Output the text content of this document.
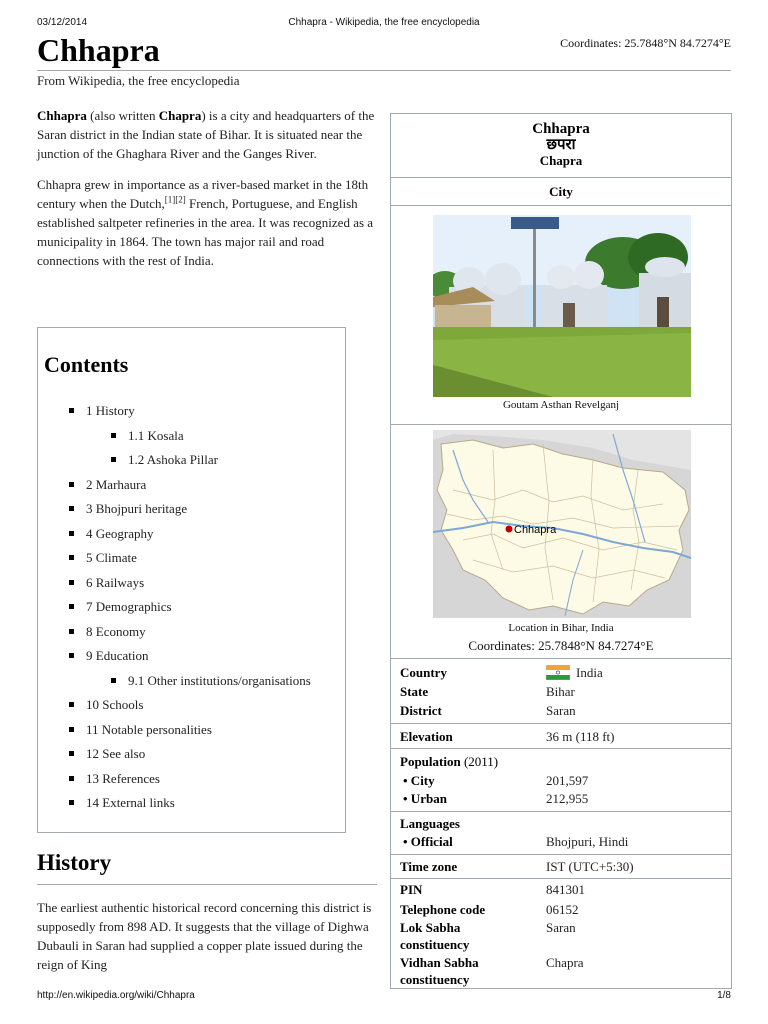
03/12/2014	Chhapra - Wikipedia, the free encyclopedia
Coordinates: 25.7848°N 84.7274°E
Chhapra
From Wikipedia, the free encyclopedia

Chhapra (also written Chapra) is a city and headquarters of the Saran district in the Indian state of Bihar. It is situated near the junction of the Ghaghara River and the Ganges River.

Chhapra grew in importance as a river-based market in the 18th century when the Dutch,[1][2] French, Portuguese, and English established saltpeter refineries in the area. It was recognized as a municipality in 1864. The town has major rail and road connections with the rest of India.

Contents
1 History
1.1 Kosala
1.2 Ashoka Pillar
2 Marhaura
3 Bhojpuri heritage
4 Geography
5 Climate
6 Railways
7 Demographics
8 Economy
9 Education
9.1 Other institutions/organisations
10 Schools
11 Notable personalities
12 See also
13 References
14 External links
History

The earliest authentic historical record concerning this district is supposedly from 898 AD. It suggests that the village of Dighwa Dubauli in Saran had supplied a copper plate issued during the reign of King

Chhapra
छपरा
Chapra
City
Goutam Asthan Revelganj
Chhapra
Location in Bihar, India
Coordinates: 25.7848°N 84.7274°E
Country	India
State	Bihar
District	Saran
Elevation	36 m (118 ft)
Population (2011)
• City	201,597
• Urban	212,955
Languages
• Official	Bhojpuri, Hindi
Time zone	IST (UTC+5:30)
PIN	841301
Telephone code	06152
Lok Sabha	Saran
constituency
Vidhan Sabha	Chapra
constituency
http://en.wikipedia.org/wiki/Chhapra	1/8
